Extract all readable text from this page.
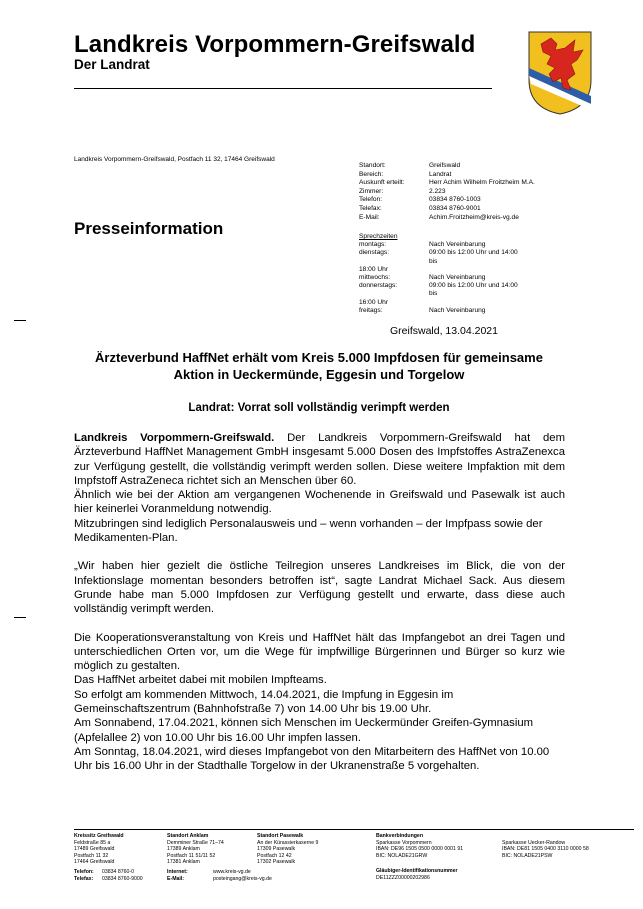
Landkreis Vorpommern-Greifswald
Der Landrat
Landkreis Vorpommern-Greifswald, Postfach 11 32, 17464 Greifswald
Standort:	Greifswald
Bereich:	Landrat
Auskunft erteilt:	Herr Achim Wilhelm Froitzheim M.A.
Zimmer:	2.223
Telefon:	03834 8760-1003
Telefax:	03834 8760-9001
E-Mail:	Achim.Froitzheim@kreis-vg.de
Sprechzeiten
montags:	Nach Vereinbarung
dienstags:	09:00 bis 12:00 Uhr und 14:00 bis
18:00 Uhr
mittwochs:	Nach Vereinbarung
donnerstags:	09:00 bis 12:00 Uhr und 14:00 bis
16:00 Uhr
freitags:	Nach Vereinbarung
Presseinformation
Greifswald, 13.04.2021
Ärzteverbund HaffNet erhält vom Kreis 5.000 Impfdosen für gemeinsame Aktion in Ueckermünde, Eggesin und Torgelow
Landrat: Vorrat soll vollständig verimpft werden

Landkreis Vorpommern-Greifswald. Der Landkreis Vorpommern-Greifswald hat dem Ärzteverbund HaffNet Management GmbH insgesamt 5.000 Dosen des Impfstoffes AstraZenexca zur Verfügung gestellt, die vollständig verimpft werden sollen. Diese weitere Impfaktion mit dem Impfstoff AstraZeneca richtet sich an Menschen über 60.

Ähnlich wie bei der Aktion am vergangenen Wochenende in Greifswald und Pasewalk ist auch hier keinerlei Voranmeldung notwendig.

Mitzubringen sind lediglich Personalausweis und – wenn vorhanden – der Impfpass sowie der Medikamenten-Plan.

„Wir haben hier gezielt die östliche Teilregion unseres Landkreises im Blick, die von der Infektionslage momentan besonders betroffen ist“, sagte Landrat Michael Sack. Aus diesem Grunde habe man 5.000 Impfdosen zur Verfügung gestellt und erwarte, dass diese auch vollständig verimpft werden.

Die Kooperationsveranstaltung von Kreis und HaffNet hält das Impfangebot an drei Tagen und unterschiedlichen Orten vor, um die Wege für impfwillige Bürgerinnen und Bürger so kurz wie möglich zu gestalten.

Das HaffNet arbeitet dabei mit mobilen Impfteams.

So erfolgt am kommenden Mittwoch, 14.04.2021, die Impfung in Eggesin im Gemeinschaftszentrum (Bahnhofstraße 7) von 14.00 Uhr bis 19.00 Uhr.

Am Sonnabend, 17.04.2021, können sich Menschen im Ueckermünder Greifen-Gymnasium (Apfelallee 2) von 10.00 Uhr bis 16.00 Uhr impfen lassen.

Am Sonntag, 18.04.2021, wird dieses Impfangebot von den Mitarbeitern des HaffNet von 10.00 Uhr bis 16.00 Uhr in der Stadthalle Torgelow in der Ukranenstraße 5 vorgehalten.

Kreissitz Greifswald
Feldstraße 85 a
17489 Greifswald
Postfach 11 32
17464 Greifswald
Telefon:	03834 8760-0
Telefax:	03834 8760-9000
Standort Anklam
Demminer Straße 71–74
17389 Anklam
Postfach 11 51/11 52
17381 Anklam
Internet:	www.kreis-vg.de
E-Mail:	posteingang@kreis-vg.de
Standort Pasewalk
An der Kürassierkaserne 9
17309 Pasewalk
Postfach 12 42
17302 Pasewalk
Bankverbindungen
Sparkasse Vorpommern
IBAN: DE96 1505 0500 0000 0001 91
BIC: NOLADE21GRW
Gläubiger-Identifikationsnummer
DE11ZZZ00000202986
Sparkasse Uecker-Randow
IBAN: DE81 1505 0400 3110 0000 58
BIC: NOLADE21PSW
